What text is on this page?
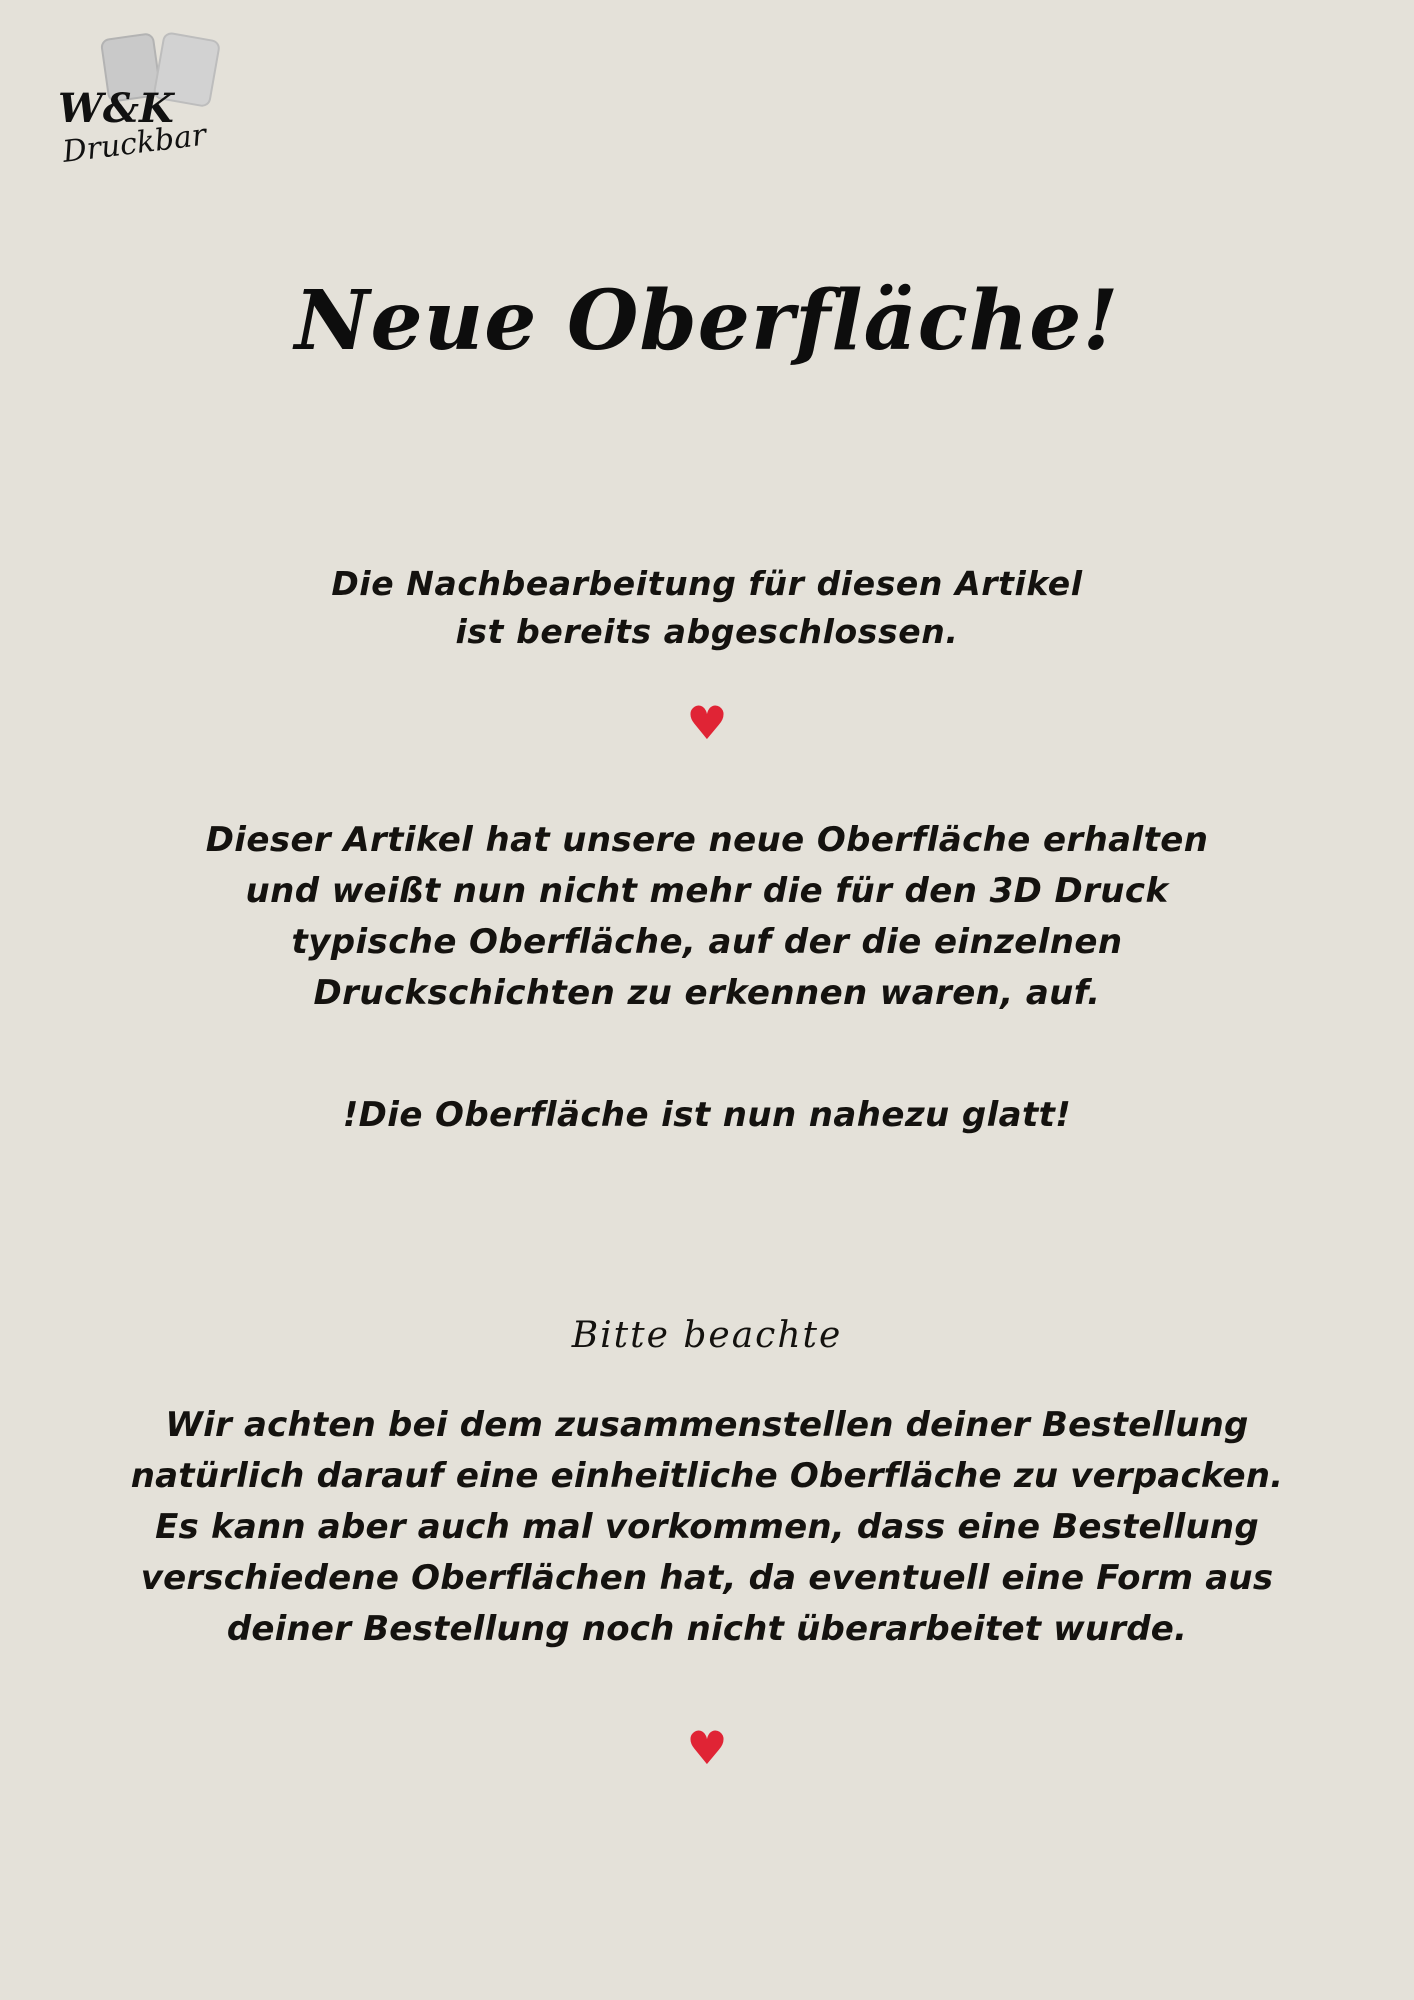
W&K
Druckbar
Neue Oberfläche!

Die Nachbearbeitung für diesen Artikel

ist bereits abgeschlossen.

♥

Dieser Artikel hat unsere neue Oberfläche erhalten

und weißt nun nicht mehr die für den 3D Druck

typische Oberfläche, auf der die einzelnen

Druckschichten zu erkennen waren, auf.

!Die Oberfläche ist nun nahezu glatt!
Bitte beachte

Wir achten bei dem zusammenstellen deiner Bestellung

natürlich darauf eine einheitliche Oberfläche zu verpacken.

Es kann aber auch mal vorkommen, dass eine Bestellung

verschiedene Oberflächen hat, da eventuell eine Form aus

deiner Bestellung noch nicht überarbeitet wurde.

♥
